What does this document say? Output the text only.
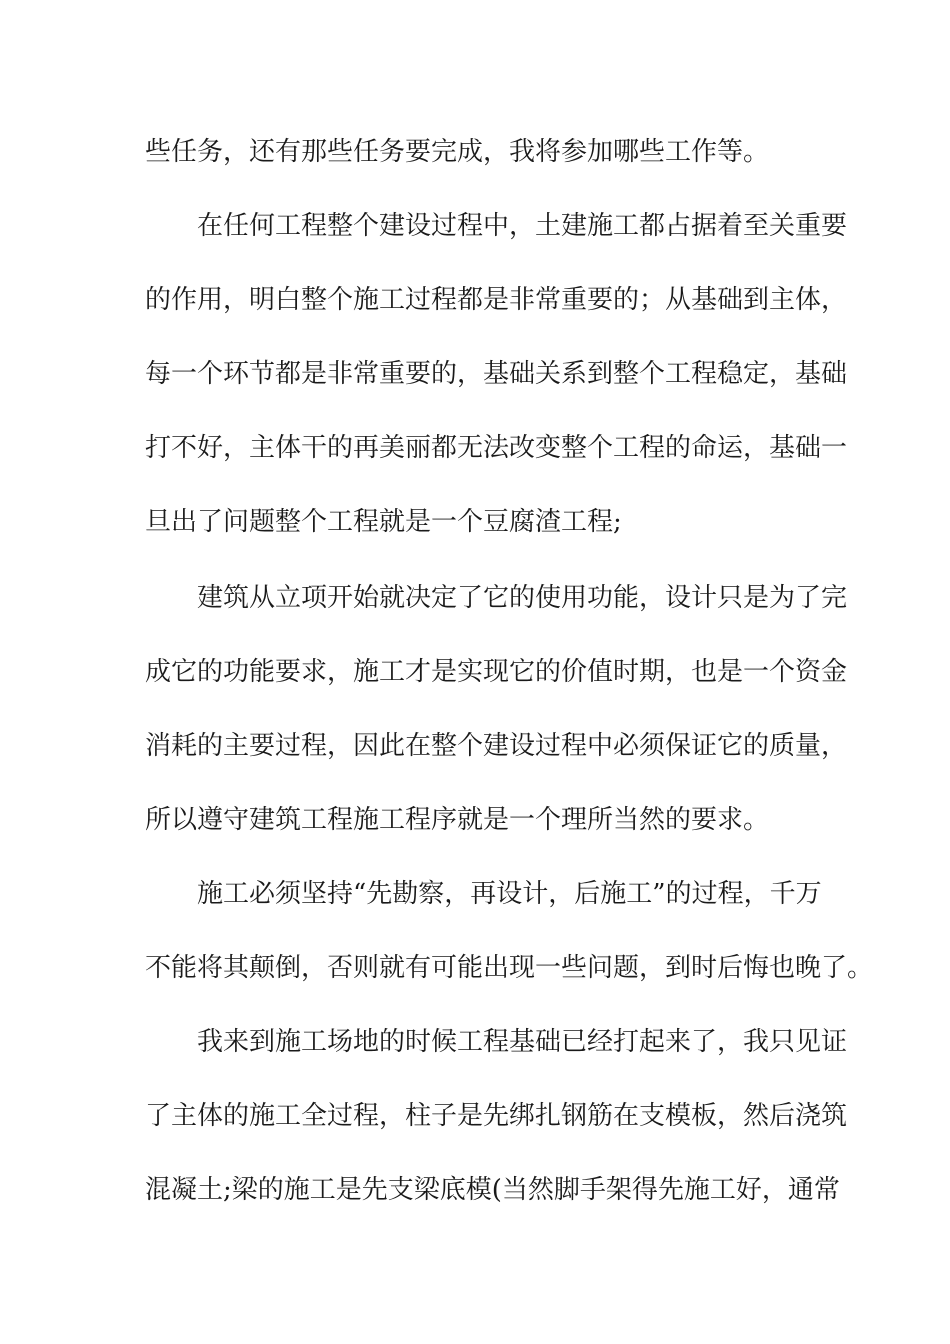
些任务，还有那些任务要完成，我将参加哪些工作等。
在任何工程整个建设过程中，土建施工都占据着至关重要
的作用，明白整个施工过程都是非常重要的；从基础到主体，
每一个环节都是非常重要的，基础关系到整个工程稳定，基础
打不好，主体干的再美丽都无法改变整个工程的命运，基础一
旦出了问题整个工程就是一个豆腐渣工程;
建筑从立项开始就决定了它的使用功能，设计只是为了完
成它的功能要求，施工才是实现它的价值时期，也是一个资金
消耗的主要过程，因此在整个建设过程中必须保证它的质量，
所以遵守建筑工程施工程序就是一个理所当然的要求。
施工必须坚持“先勘察，再设计，后施工”的过程，千万
不能将其颠倒，否则就有可能出现一些问题，到时后悔也晚了。
我来到施工场地的时候工程基础已经打起来了，我只见证
了主体的施工全过程，柱子是先绑扎钢筋在支模板，然后浇筑
混凝土;梁的施工是先支梁底模(当然脚手架得先施工好，通常
